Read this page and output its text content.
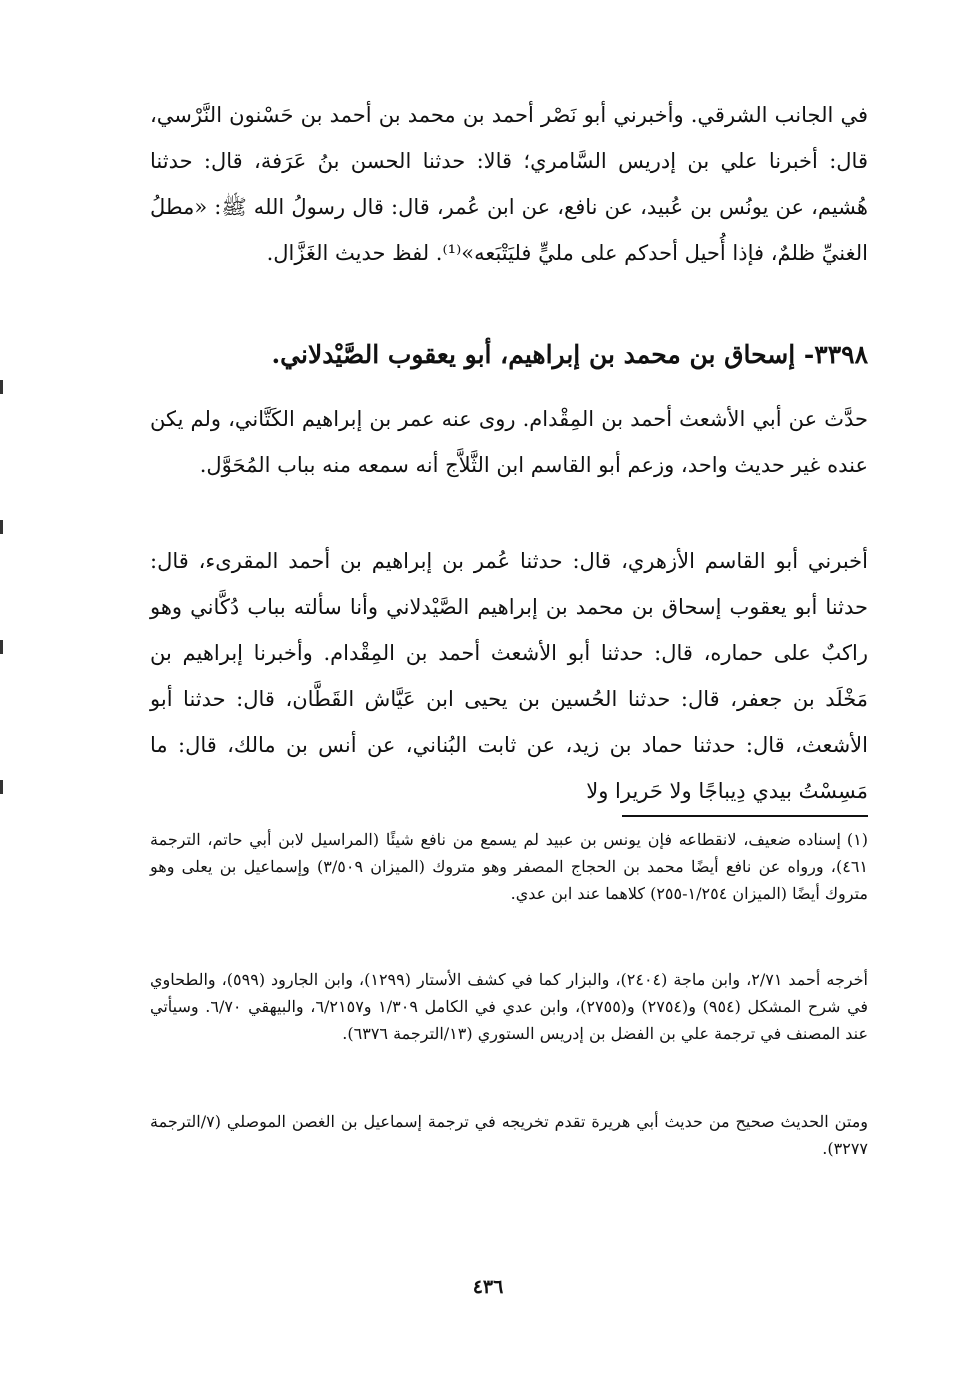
في الجانب الشرقي. وأخبرني أبو نَصْر أحمد بن محمد بن أحمد بن حَسْنون النَّرْسي، قال: أخبرنا علي بن إدريس السَّامري؛ قالا: حدثنا الحسن بنُ عَرَفة، قال: حدثنا هُشيم، عن يونُس بن عُبيد، عن نافع، عن ابن عُمر، قال: قال رسولُ الله ﷺ: «مطلُ الغنيِّ ظلمٌ، فإذا أُحيل أحدكم على مليٍّ فليَتْبَعه»⁽¹⁾. لفظ حديث الغَزَّال.

٣٣٩٨- إسحاق بن محمد بن إبراهيم، أبو يعقوب الصَّيْدلاني.

حدَّث عن أبي الأشعث أحمد بن المِقْدام. روى عنه عمر بن إبراهيم الكَتَّاني، ولم يكن عنده غير حديث واحد، وزعم أبو القاسم ابن الثَّلاَّج أنه سمعه منه بباب المُحَوَّل.

أخبرني أبو القاسم الأزهري، قال: حدثنا عُمر بن إبراهيم بن أحمد المقرىء، قال: حدثنا أبو يعقوب إسحاق بن محمد بن إبراهيم الصَّيْدلاني وأنا سألته بباب دُكَّاني وهو راكبٌ على حماره، قال: حدثنا أبو الأشعث أحمد بن المِقْدام. وأخبرنا إبراهيم بن مَخْلَد بن جعفر، قال: حدثنا الحُسين بن يحيى ابن عَيَّاش القَطَّان، قال: حدثنا أبو الأشعث، قال: حدثنا حماد بن زيد، عن ثابت البُناني، عن أنس بن مالك، قال: ما مَسِسْتُ بيدي دِيباجًا ولا حَريرا ولا

(١)إسناده ضعيف، لانقطاعه فإن يونس بن عبيد لم يسمع من نافع شيئًا (المراسيل لابن أبي حاتم، الترجمة ٤٦١)، ورواه عن نافع أيضًا محمد بن الحجاج المصفر وهو متروك (الميزان ٣/٥٠٩) وإسماعيل بن يعلى وهو متروك أيضًا (الميزان ١/٢٥٤-٢٥٥) كلاهما عند ابن عدي.

أخرجه أحمد ٢/٧١، وابن ماجة (٢٤٠٤)، والبزار كما في كشف الأستار (١٢٩٩)، وابن الجارود (٥٩٩)، والطحاوي في شرح المشكل (٩٥٤) و(٢٧٥٤) و(٢٧٥٥)، وابن عدي في الكامل ١/٣٠٩ و٦/٢١٥٧، والبيهقي ٦/٧٠. وسيأتي عند المصنف في ترجمة علي بن الفضل بن إدريس الستوري (١٣/الترجمة ٦٣٧٦).

ومتن الحديث صحيح من حديث أبي هريرة تقدم تخريجه في ترجمة إسماعيل بن الغصن الموصلي (٧/الترجمة ٣٢٧٧).

٤٣٦
